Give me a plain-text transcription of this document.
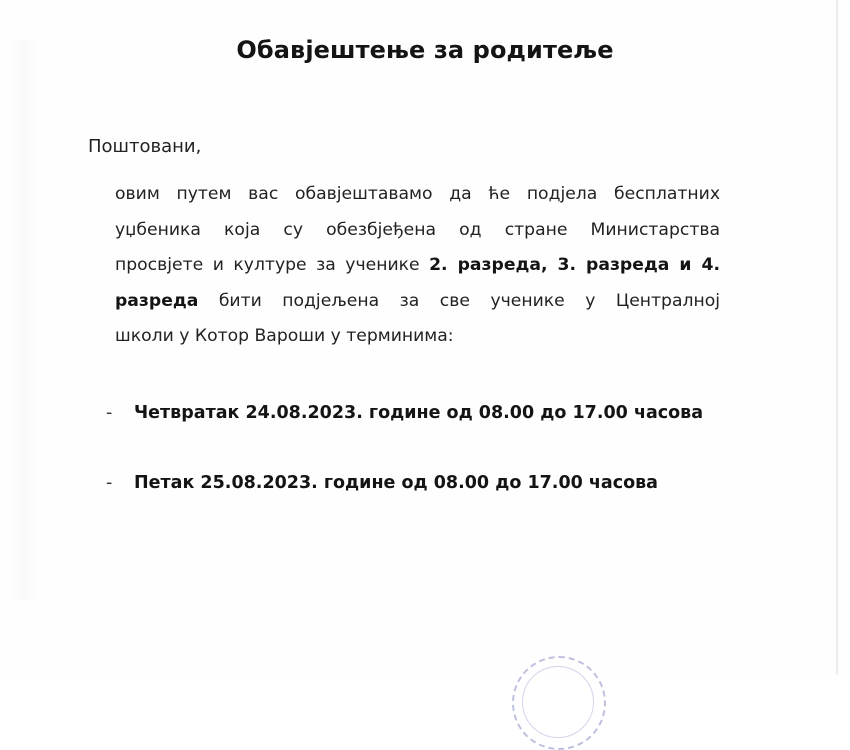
Обавјештење за родитеље
Поштовани,
овим путем вас обавјештавамо да ће подјела бесплатних
уџбеника која су обезбјеђена од стране Министарства
просвјете и културе за ученике 2. разреда, 3. разреда и 4.
разреда бити подјељена за све ученике у Централној
школи у Котор Вароши у терминима:
-	Четвратак 24.08.2023. године од 08.00 до 17.00 часова
-	Петак 25.08.2023. године од 08.00 до 17.00 часова
